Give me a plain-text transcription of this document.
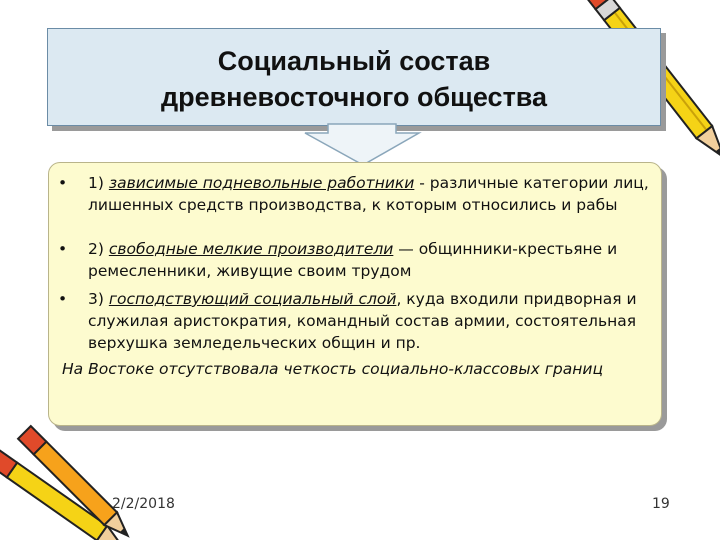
Социальный состав
древневосточного общества
• 1) зависимые подневольные работники - различные категории лиц, лишенных средств производства, к которым относились и рабы
• 2) свободные мелкие производители — общинники-крестьяне и ремесленники, живущие своим трудом
• 3) господствующий социальный слой, куда входили придворная и служилая аристократия, командный состав армии, состоятельная верхушка земледельческих общин и пр.
На Востоке отсутствовала четкость социально-классовых границ
2/2/2018	19
